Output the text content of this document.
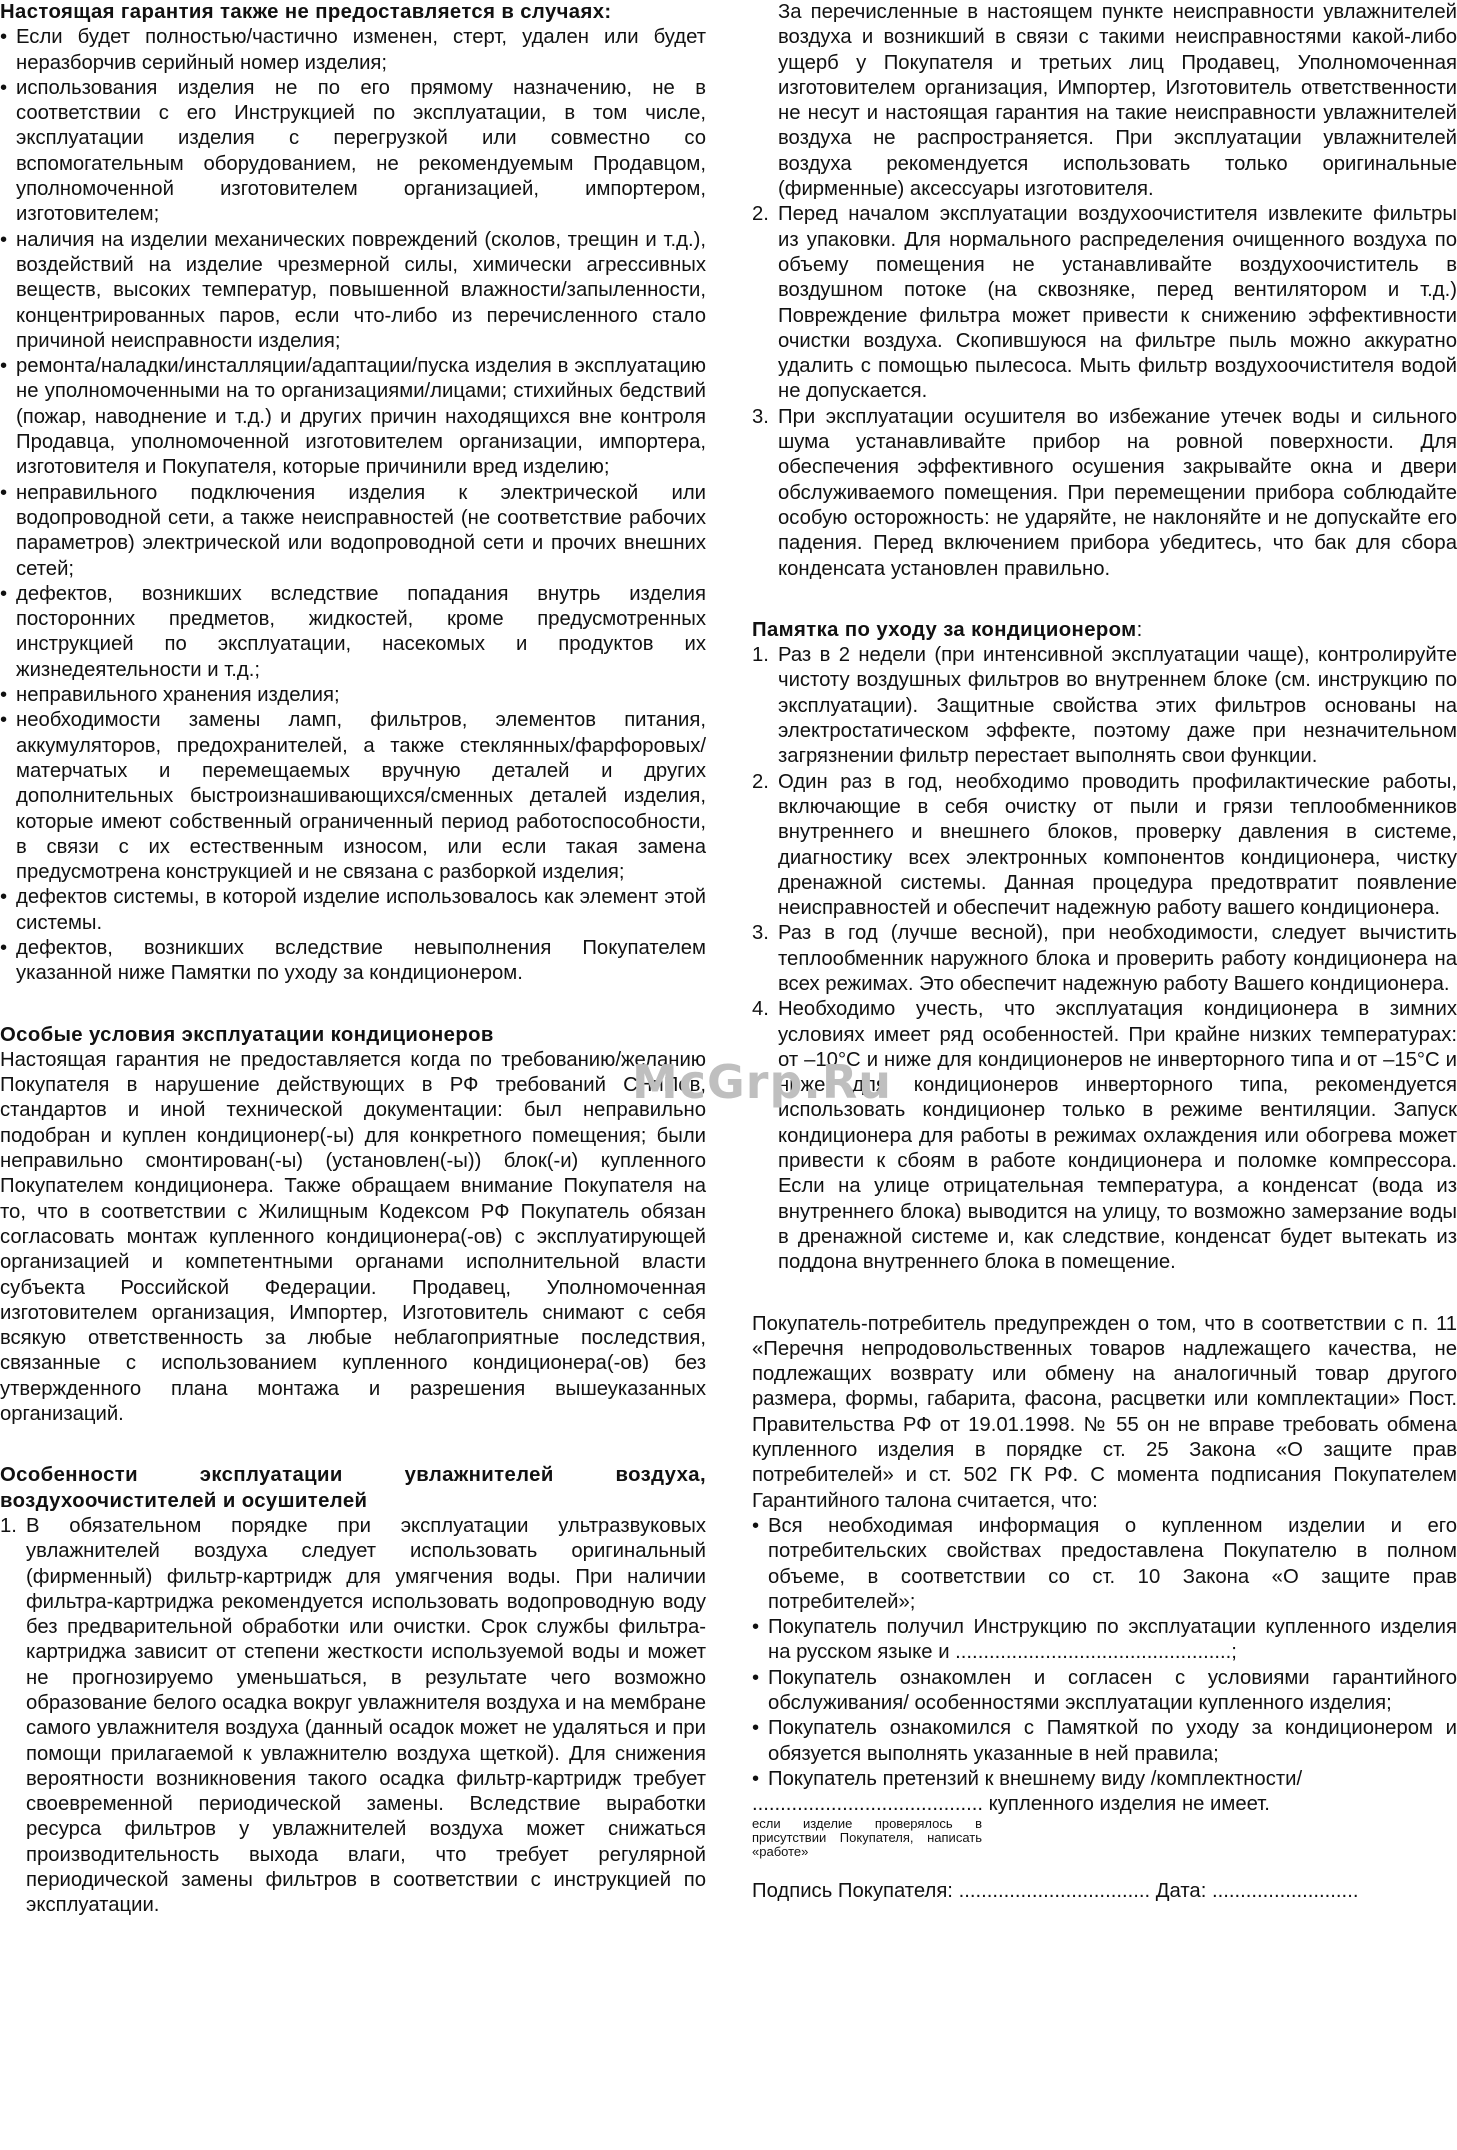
Настоящая гарантия также не предоставляется в случаях:

• Если будет полностью/частично изменен, стерт, удален или будет неразборчив серийный номер изделия;

• использования изделия не по его прямому назначению, не в соответствии с его Инструкцией по эксплуатации, в том числе, эксплуатации изделия с перегрузкой или совместно со вспомогательным оборудованием, не рекомендуемым Продавцом, уполномоченной изготовителем организацией, импортером, изготовителем;

• наличия на изделии механических повреждений (сколов, трещин и т.д.), воздействий на изделие чрезмерной силы, химически агрессивных веществ, высоких температур, повышенной влажности/запыленности, концентрированных паров, если что-либо из перечисленного стало причиной неисправности изделия;

• ремонта/наладки/инсталляции/адаптации/пуска изделия в эксплуатацию не уполномоченными на то организациями/лицами; стихийных бедствий (пожар, наводнение и т.д.) и других причин находящихся вне контроля Продавца, уполномоченной изготовителем организации, импортера, изготовителя и Покупателя, которые причинили вред изделию;

• неправильного подключения изделия к электрической или водопроводной сети, а также неисправностей (не соответствие рабочих параметров) электрической или водопроводной сети и прочих внешних сетей;

• дефектов, возникших вследствие попадания внутрь изделия посторонних предметов, жидкостей, кроме предусмотренных инструкцией по эксплуатации, насекомых и продуктов их жизнедеятельности и т.д.;

• неправильного хранения изделия;

• необходимости замены ламп, фильтров, элементов питания, аккумуляторов, предохранителей, а также стеклянных/фарфоровых/матерчатых и перемещаемых вручную деталей и других дополнительных быстроизнашивающихся/сменных деталей изделия, которые имеют собственный ограниченный период работоспособности, в связи с их естественным износом, или если такая замена предусмотрена конструкцией и не связана с разборкой изделия;

• дефектов системы, в которой изделие использовалось как элемент этой системы.

• дефектов, возникших вследствие невыполнения Покупателем указанной ниже Памятки по уходу за кондиционером.

Особые условия эксплуатации кондиционеров

Настоящая гарантия не предоставляется когда по требованию/желанию Покупателя в нарушение действующих в РФ требований СНиПов, стандартов и иной технической документации: был неправильно подобран и куплен кондиционер(-ы) для конкретного помещения; были неправильно смонтирован(-ы) (установлен(-ы)) блок(-и) купленного Покупателем кондиционера. Также обращаем внимание Покупателя на то, что в соответствии с Жилищным Кодексом РФ Покупатель обязан согласовать монтаж купленного кондиционера(-ов) с эксплуатирующей организацией и компетентными органами исполнительной власти субъекта Российской Федерации. Продавец, Уполномоченная изготовителем организация, Импортер, Изготовитель снимают с себя всякую ответственность за любые неблагоприятные последствия, связанные с использованием купленного кондиционера(-ов) без утвержденного плана монтажа и разрешения вышеуказанных организаций.

Особенности эксплуатации увлажнителей воздуха, воздухоочистителей и осушителей

1. В обязательном порядке при эксплуатации ультразвуковых увлажнителей воздуха следует использовать оригинальный (фирменный) фильтр-картридж для умягчения воды. При наличии фильтра-картриджа рекомендуется использовать водопроводную воду без предварительной обработки или очистки. Срок службы фильтра-картриджа зависит от степени жесткости используемой воды и может не прогнозируемо уменьшаться, в результате чего возможно образование белого осадка вокруг увлажнителя воздуха и на мембране самого увлажнителя воздуха (данный осадок может не удаляться и при помощи прилагаемой к увлажнителю воздуха щеткой). Для снижения вероятности возникновения такого осадка фильтр-картридж требует своевременной периодической замены. Вследствие выработки ресурса фильтров у увлажнителей воздуха может снижаться производительность выхода влаги, что требует регулярной периодической замены фильтров в соответствии с инструкцией по эксплуатации.

За перечисленные в настоящем пункте неисправности увлажнителей воздуха и возникший в связи с такими неисправностями какой-либо ущерб у Покупателя и третьих лиц Продавец, Уполномоченная изготовителем организация, Импортер, Изготовитель ответственности не несут и настоящая гарантия на такие неисправности увлажнителей воздуха не распространяется. При эксплуатации увлажнителей воздуха рекомендуется использовать только оригинальные (фирменные) аксессуары изготовителя.

2. Перед началом эксплуатации воздухоочистителя извлеките фильтры из упаковки. Для нормального распределения очищенного воздуха по объему помещения не устанавливайте воздухоочиститель в воздушном потоке (на сквозняке, перед вентилятором и т.д.) Повреждение фильтра может привести к снижению эффективности очистки воздуха. Скопившуюся на фильтре пыль можно аккуратно удалить с помощью пылесоса. Мыть фильтр воздухоочистителя водой не допускается.
3. При эксплуатации осушителя во избежание утечек воды и сильного шума устанавливайте прибор на ровной поверхности. Для обеспечения эффективного осушения закрывайте окна и двери обслуживаемого помещения. При перемещении прибора соблюдайте особую осторожность: не ударяйте, не наклоняйте и не допускайте его падения. Перед включением прибора убедитесь, что бак для сбора конденсата установлен правильно.

Памятка по уходу за кондиционером:

1. Раз в 2 недели (при интенсивной эксплуатации чаще), контролируйте чистоту воздушных фильтров во внутреннем блоке (см. инструкцию по эксплуатации). Защитные свойства этих фильтров основаны на электростатическом эффекте, поэтому даже при незначительном загрязнении фильтр перестает выполнять свои функции.
2. Один раз в год, необходимо проводить профилактические работы, включающие в себя очистку от пыли и грязи теплообменников внутреннего и внешнего блоков, проверку давления в системе, диагностику всех электронных компонентов кондиционера, чистку дренажной системы. Данная процедура предотвратит появление неисправностей и обеспечит надежную работу вашего кондиционера.
3. Раз в год (лучше весной), при необходимости, следует вычистить теплообменник наружного блока и проверить работу кондиционера на всех режимах. Это обеспечит надежную работу Вашего кондиционера.
4. Необходимо учесть, что эксплуатация кондиционера в зимних условиях имеет ряд особенностей. При крайне низких температурах: от –10°С и ниже для кондиционеров не инверторного типа и от –15°С и ниже для кондиционеров инверторного типа, рекомендуется использовать кондиционер только в режиме вентиляции. Запуск кондиционера для работы в режимах охлаждения или обогрева может привести к сбоям в работе кондиционера и поломке компрессора. Если на улице отрицательная температура, а конденсат (вода из внутреннего блока) выводится на улицу, то возможно замерзание воды в дренажной системе и, как следствие, конденсат будет вытекать из поддона внутреннего блока в помещение.

Покупатель-потребитель предупрежден о том, что в соответствии с п. 11 «Перечня непродовольственных товаров надлежащего качества, не подлежащих возврату или обмену на аналогичный товар другого размера, формы, габарита, фасона, расцветки или комплектации» Пост. Правительства РФ от 19.01.1998. № 55 он не вправе требовать обмена купленного изделия в порядке ст. 25 Закона «О защите прав потребителей» и ст. 502 ГК РФ. С момента подписания Покупателем Гарантийного талона считается, что:

• Вся необходимая информация о купленном изделии и его потребительских свойствах предоставлена Покупателю в полном объеме, в соответствии со ст. 10 Закона «О защите прав потребителей»;

• Покупатель получил Инструкцию по эксплуатации купленного изделия на русском языке и .................................................;

• Покупатель ознакомлен и согласен с условиями гарантийного обслуживания/ особенностями эксплуатации купленного изделия;

• Покупатель ознакомился с Памяткой по уходу за кондиционером и обязуется выполнять указанные в ней правила;

• Покупатель претензий к внешнему виду /комплектности/

......................................... купленного изделия не имеет.

если изделие проверялось в присутствии Покупателя, написать «работе»

Подпись Покупателя: .................................. Дата: ..........................

McGrp.Ru
